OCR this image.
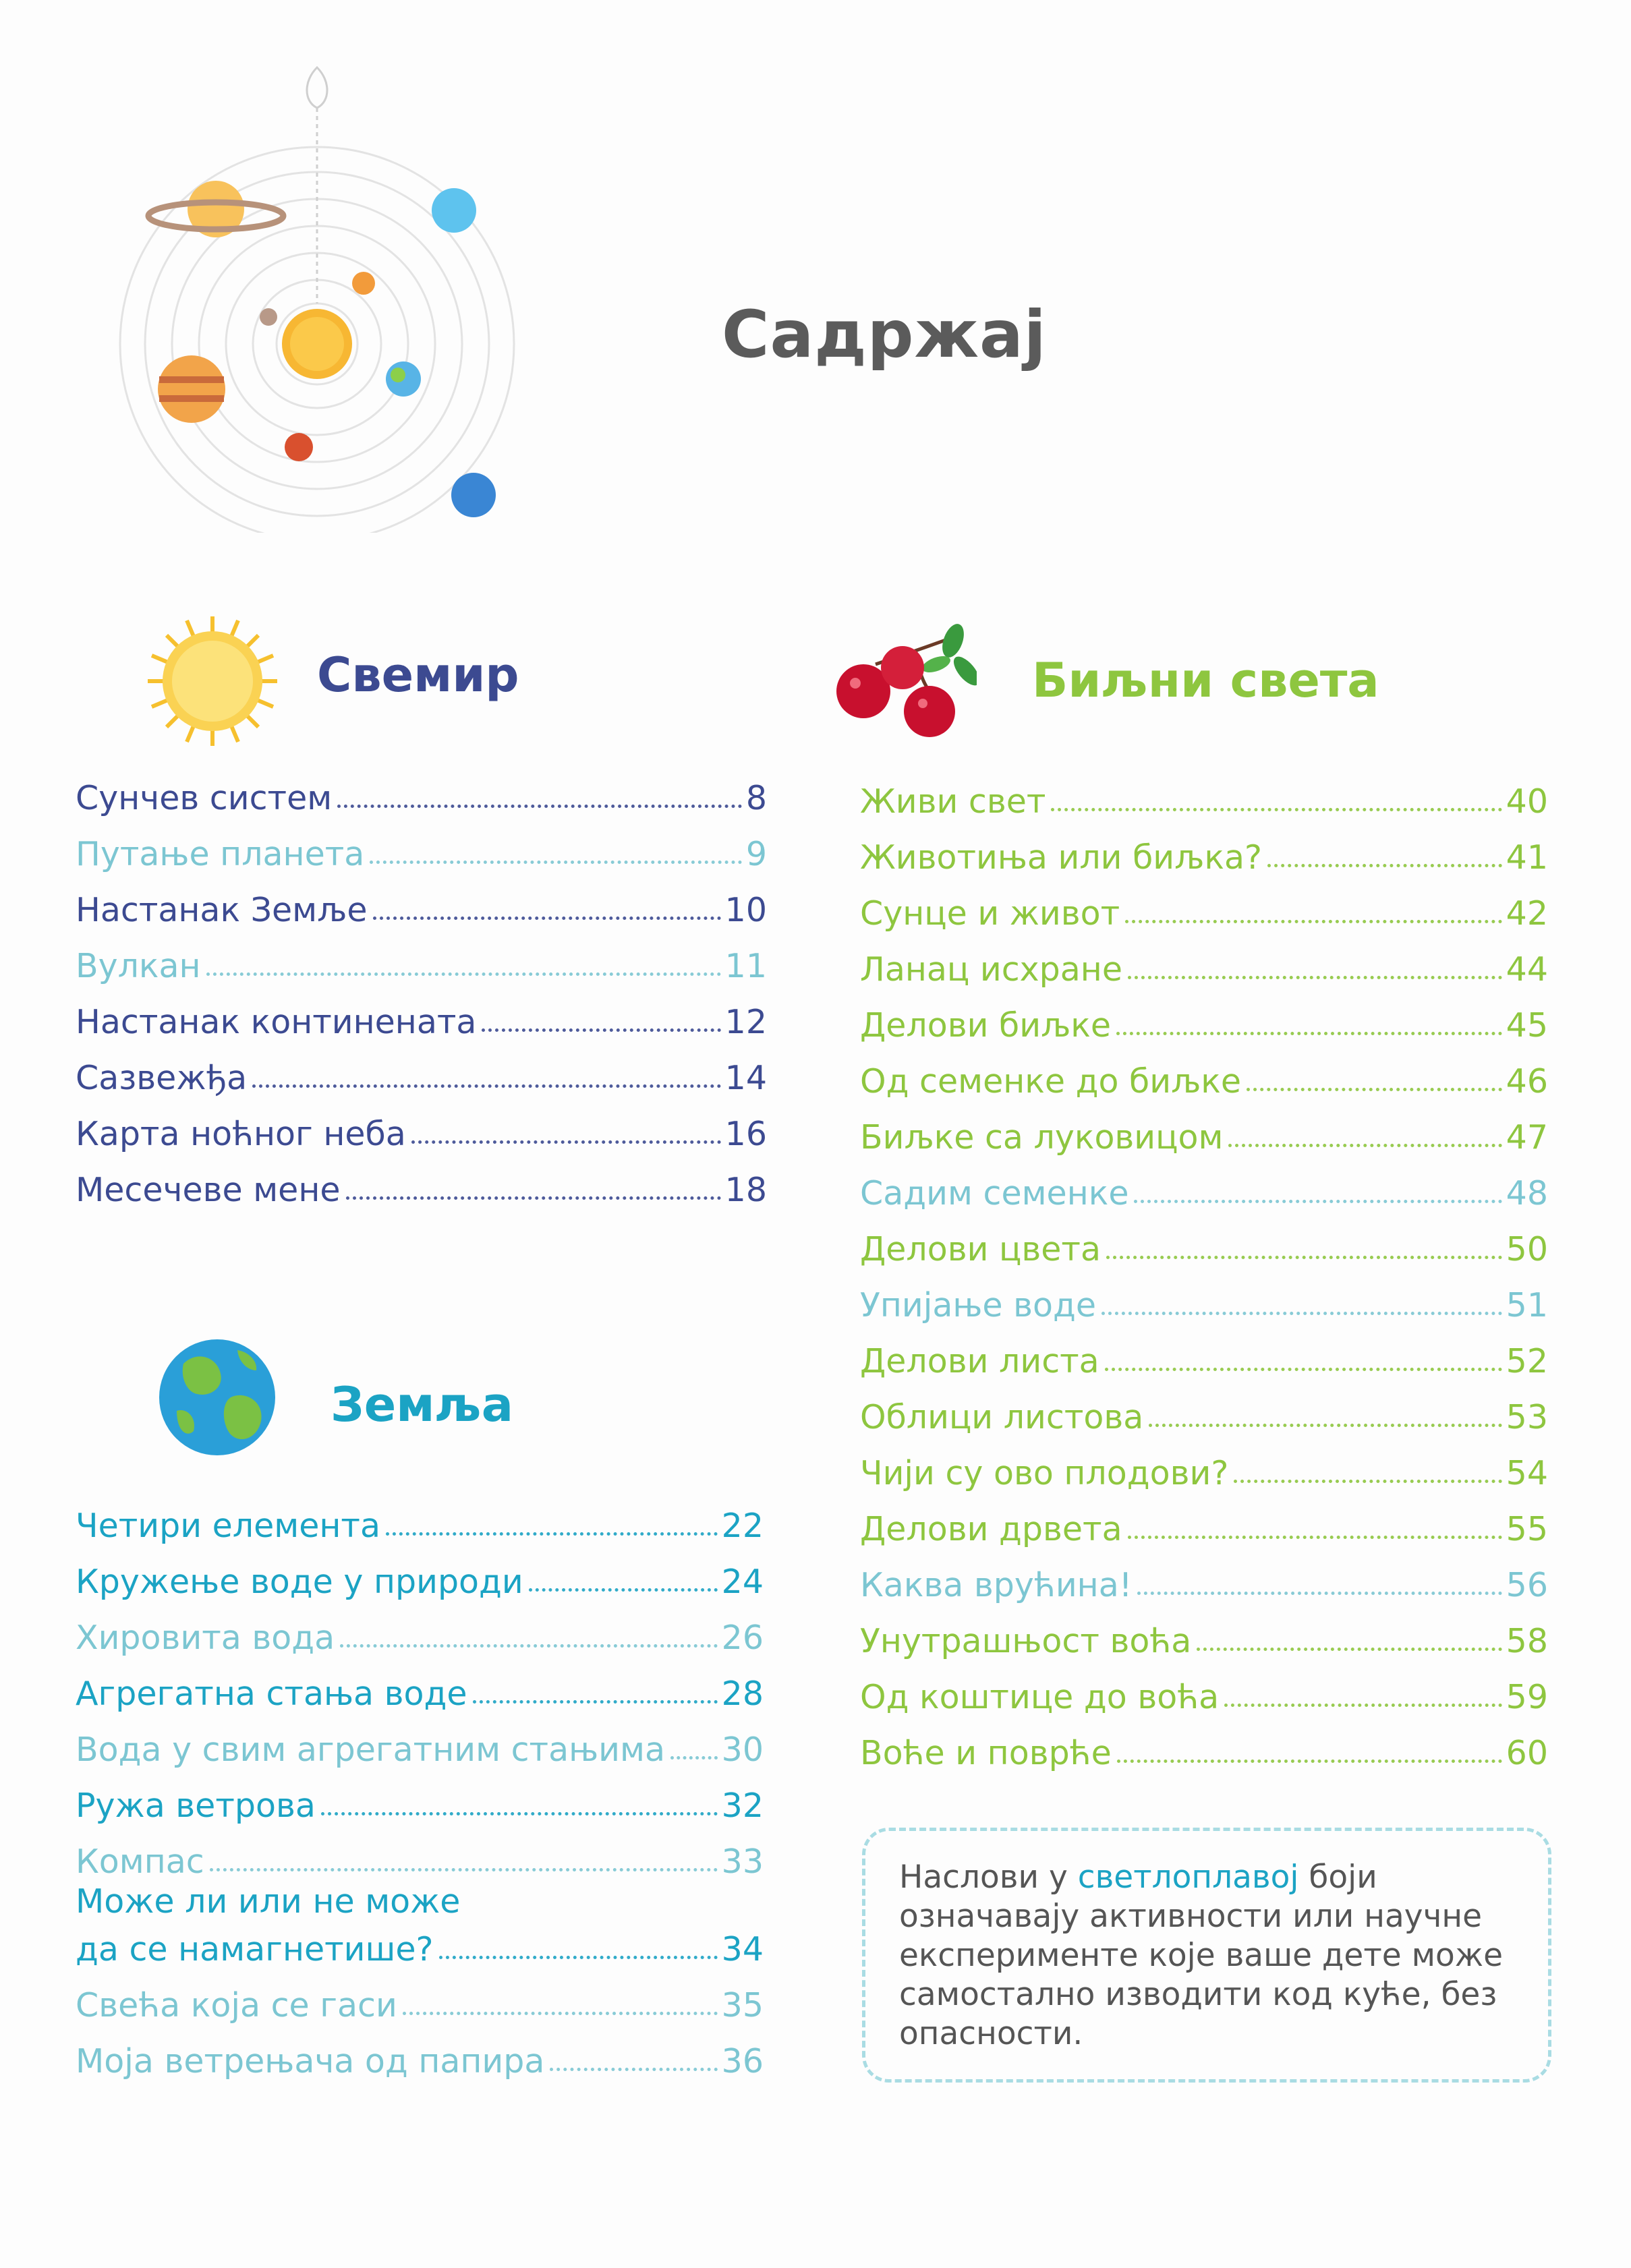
Садржај
Свемир
Сунчев систем	8
Путање планета	9
Настанак Земље	10
Вулкан	11
Настанак континената	12
Сазвежђа	14
Карта ноћног неба	16
Месечеве мене	18
Земља
Четири елемента	22
Кружење воде у природи	24
Хировита вода	26
Агрегатна стања воде	28
Вода у свим агрегатним стањима 30
Ружа ветрова	32
Компас	33
Може ли или не може
да се намагнетише?	34
Свећа која се гаси	35
Моја ветрењача од папира	36
Биљни света
Живи свет	40
Животиња или биљка?	41
Сунце и живот	42
Ланац исхране	44
Делови биљке	45
Од семенке до биљке	46
Биљке са луковицом	47
Садим семенке	48
Делови цвета	50
Упијање воде	51
Делови листа	52
Облици листова	53
Чији су ово плодови?	54
Делови дрвета	55
Каква врућина!	56
Унутрашњост воћа	58
Од коштице до воћа	59
Воће и поврће	60
Наслови у светлоплавој боји означавају активности или научне експерименте које ваше дете може самостално изводити код куће, без опасности.
